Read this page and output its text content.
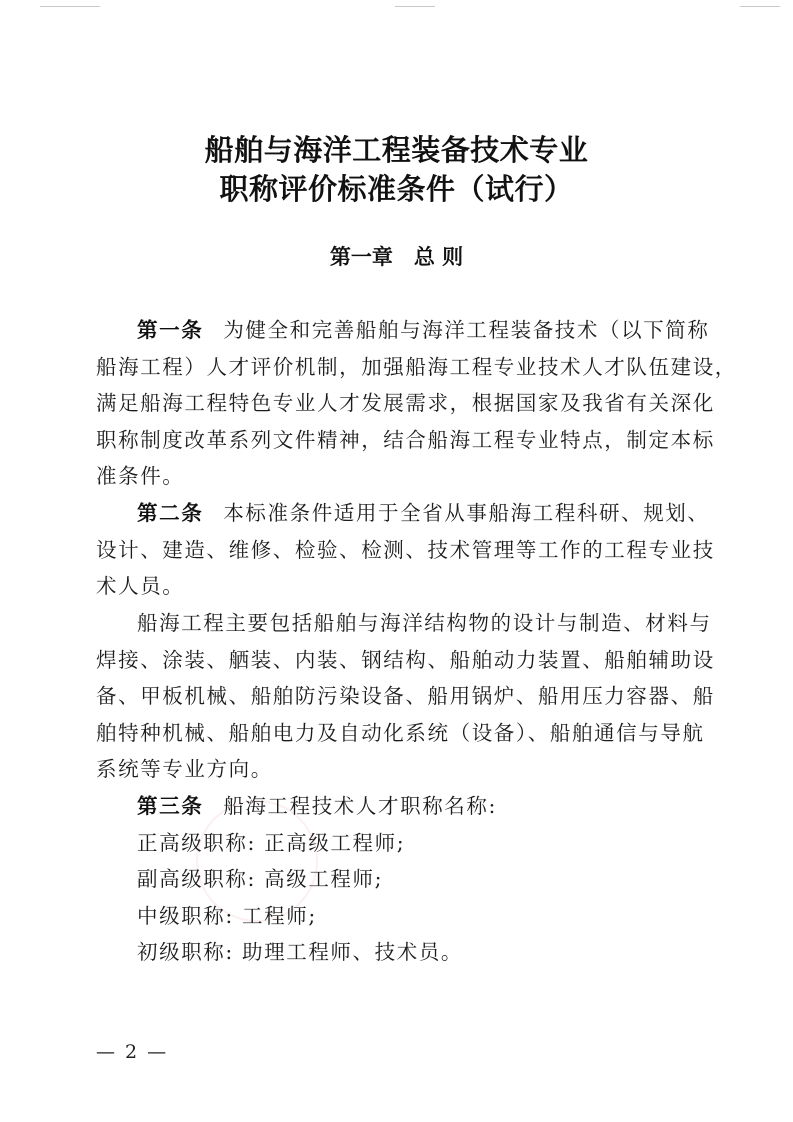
船舶与海洋工程装备技术专业
职称评价标准条件（试行）
第一章 总 则
第一条 为健全和完善船舶与海洋工程装备技术（以下简称
船海工程）人才评价机制，加强船海工程专业技术人才队伍建设，
满足船海工程特色专业人才发展需求，根据国家及我省有关深化
职称制度改革系列文件精神，结合船海工程专业特点，制定本标
准条件。
第二条 本标准条件适用于全省从事船海工程科研、规划、
设计、建造、维修、检验、检测、技术管理等工作的工程专业技
术人员。
船海工程主要包括船舶与海洋结构物的设计与制造、材料与
焊接、涂装、舾装、内装、钢结构、船舶动力装置、船舶辅助设
备、甲板机械、船舶防污染设备、船用锅炉、船用压力容器、船
舶特种机械、船舶电力及自动化系统（设备）、船舶通信与导航
系统等专业方向。
第三条 船海工程技术人才职称名称:
正高级职称: 正高级工程师;
副高级职称: 高级工程师;
中级职称: 工程师;
初级职称: 助理工程师、技术员。
— 2 —
